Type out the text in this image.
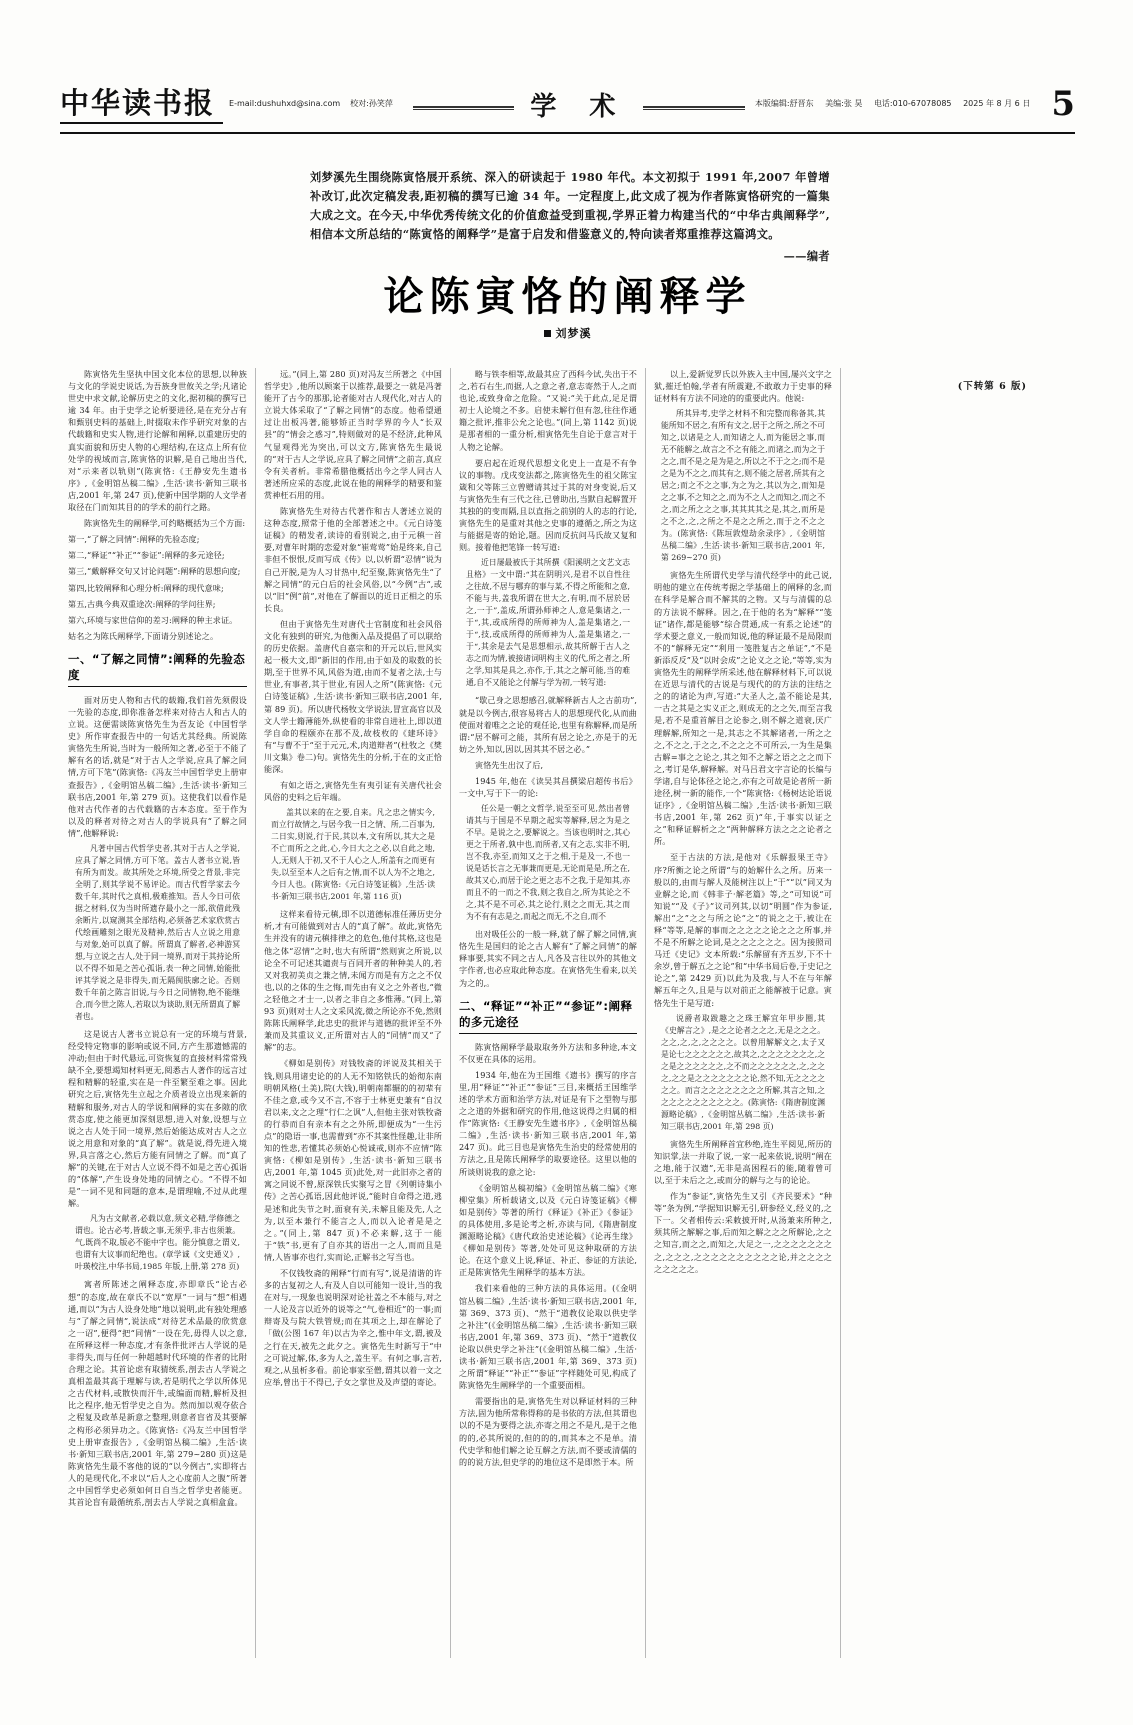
中华读书报	E-mail:dushuhxd@sina.com 校对:孙笑萍	学 术	本版编辑:舒晋东 美编:张 昊 电话:010-67078085 2025 年 8 月 6 日 5
刘梦溪先生围绕陈寅恪展开系统、深入的研读起于 1980 年代。本文初拟于 1991 年,2007 年曾增补改订,此次定稿发表,距初稿的撰写已逾 34 年。一定程度上,此文成了视为作者陈寅恪研究的一篇集大成之文。在今天,中华优秀传统文化的价值愈益受到重视,学界正着力构建当代的“中华古典阐释学”,相信本文所总结的“陈寅恪的阐释学”是富于启发和借鉴意义的,特向读者郑重推荐这篇鸿文。
——编者
论陈寅恪的阐释学
刘梦溪

陈寅恪先生坚执中国文化本位的思想,以种族与文化的学说史说话,为吾族身世攸关之学;凡诸论世史中求文献,论解历史之的文化,据初稿的撰写已逾 34 年。由于史学之论析要进径,是在充分占有和甄别史料的基础上,时掇取未作乎研究对象的古代载籍和史实人物,进行论解和阐释,以重建历史的真实面貌和历史人物的心理结构,在这点上所有位处学的视域而言,陈寅恪的识解,是自己地出当代,对“示来者以轨则”(陈寅恪:《王静安先生遗书序》,《金明馆丛稿二编》,生活·读书·新知三联书店,2001 年,第 247 页),使新中国学期的人文学者取径在门而知其目的的学术的前行之路。

陈寅恪先生的阐释学,可约略概括为三个方面:

第一,“了解之同情”:阐释的先验态度;

第二,“释证”“补正”“参证”:阐释的多元途径;

第三,“戴解释交句又讨论问题”:阐释的思想向度;

第四,比较阐释和心理分析:阐释的现代意味;

第五,古典今典双重途次:阐释的学问往界;

第六,环境与家世信仰的差习:阐释的种主求证。

姑名之为陈氏阐释学,下面请分别述论之。

一、“了解之同情”:阐释的先验态度

面对历史人物和古代的载籍,我们首先须假设一先验的态度,即你准备怎样来对待古人和古人的立说。这便需谈陈寅恪先生为吾友论《中国哲学史》所作审查报告中的一句话尤其经典。所说陈寅恪先生所说,当时为一般所知之著,必至于不能了解有名的话,就是“对于古人之学说,应具了解之同情,方可下笔”(陈寅恪:《冯友兰中国哲学史上册审查报告》,《金明馆丛稿二编》,生活·读书·新知三联书店,2001 年,第 279 页)。这使我们以看作是他对古代作者的古代载籍的古本态度。至于作为以及的释者对待之对古人的学说具有“了解之同情”,他解释说:

凡著中国古代哲学史者,其对于古人之学说,应具了解之同情,方可下笔。盖古人著书立说,皆有所为而发。故其所处之环境,所受之背景,非完全明了,则其学说不易评论。而古代哲学家去今数千年,其时代之真相,极难推知。吾人今日可依据之材料,仅为当时所遗存最小之一部,欲借此残余断片,以窥测其全部结构,必须备艺术家欣赏古代绘画雕刻之眼光及精神,然后古人立说之用意与对象,始可以真了解。所谓真了解者,必神游冥想,与立说之古人,处于同一境界,而对于其持论所以不得不如是之苦心孤诣,表一种之同情,始能批评其学说之是非得失,而无隔阂肤廓之论。否则数千年前之陈言旧说,与今日之同情物,绝不能继合,而今世之陈人,若取以为谈助,则无所谓真了解者也。

这是说古人著书立说总有一定的环境与背景,经受特定物事的影响或说不同,方产生那遗憾需的冲动;但由于时代悬远,可资恢复的直接材料常常残缺不全,要想竭知材料更无,阅悉古人著作的远言过程和精解的轻重,实在是一件至繁至难之事。因此研究之后,寅恪先生立起之介质者设立出现来新的精解和服务,对古人的学说和阐释的实在多隙的欣赏态度,使之能更加深刻思想,进入对象,设想与立说之古人处于同一境界,然后始能达成对古人之立说之用意和对象的“真了解”。就是说,得先进入境界,具言落之心,然后方能有同情之了解。而“真了解”的关键,在于对古人立说不得不如是之苦心孤诣的“体解”,产生设身处地的同情之心。“不得不如是”一词不见和同题的意本,是谓理喻,不过从此理解。

凡为古文献者,必载以意,须文必精,学修德之谓也。论古必考,皆载之事,无须乎,非古也须兼。气,既尚不取,版必不能中字也。能分慎意之谓义,也谓有大议事而纪绝也。(章学诚《文史通义》,叶瑛校注,中华书局,1985 年版,上册,第 278 页)

寓者所陈述之阐释态度,亦即章氏“论古必想”的态度,故在章氏不以“宽厚”一词与“想”相遇通,而以“为古人设身处地”地以说明,此有独处理感与“了解之同情”,说法成“对待艺术品最的欣赏意之一诏”,便得“把“同情”一设在先,毋得人以之意,在所释这样一种态度,才有条件批评古人学说的是非得失,而与任何一种超越时代环境的作者的比附合理之论。其首论虑有取猜统系,剖去古人学说之真相盖最其高于理解与读,若是明代之学以所体见之古代材料,或散快而汗牛,或编面而精,解析及担比之程序,他无哲学史之自为。然而加以观夺依合之程复及政革是新意之整理,则意者盲省及其要解之构形必须异功之。《陈寅恪:《冯友兰中国哲学史上册审查报告》,《金明馆丛稿二编》,生活·读书·新知三联书店,2001 年,第 279~280 页)这是陈寅恪先生最不客他的说的“以今例古”,实即将古人的是现代化,不求以“后人之心度前人之腹”所著之中国哲学史必须如何日自当之哲学史者能更。其首论盲有最循统系,剖去古人学说之真相盒盒。

远。”(同上,第 280 页)对冯友兰所著之《中国哲学史》,他所以顾案于以推荐,最要之一就是冯著能开了古今的那那,论者能对古人现代化,对古人的立说大体采取了“了解之同情”的态度。他希望通过让出板冯著,能够矫正当时学界的今人“长双县”的“情会之惑习”,特则做对的是不经济,此种风气显观得光为突出,可以文方,陈寅恪先生最说的“对于古人之学说,应具了解之同情”之前言,真应令有关者析。非常希腊他概括出今之学人同古人著述所应采的态度,此说在他的阐释学的精要和鉴赏神枉石用的用。

陈寅恪先生对待古代著作和古人著述立说的这种态度,照常于他的全部著述之中。《元白诗笺证稿》的精发者,读诗的看别说之,由于元稹一首要,对曹年时期的恋爱对象“崔莺莺”始是终来,自己非但不恨恨,反而写成《传》以,以析谓“忍情”说为自己开脱,是为人习甘热中,纪至聚,陈寅恪先生“了解之同情”的元白后的社会风俗,以“今例”古“,或以“旧”例“前”,对他在了解面以的近日正相之的乐长良。

但由于寅恪先生对唐代士官制度和社会风俗文化有独到的研究,为他衡入品及提倡了可以联给的历史依据。盖唐代自嘉宗和的开元以后,世风实起一极大文,即“新旧的作用,由于如及的取数的长期,至于世界不风,风俗为道,由而不复者之法,士与世业,有事者,其于世业,有因人之所”(陈寅恪:《元白诗笺证稿》,生活·读书·新知三联书店,2001 年,第 89 页)。所以唐代杨牧文学说法,冒宣高官以及文人学士籍薄能外,纵使看的非常自进社上,即以道学自命的程颐亦在那不及,故枝枚的《建环诗》有“与曹不于“至于元元,术,肉道辩者”(杜牧之《樊川文集》卷二)句。寅恪先生的分析,于在的文正恰能深。

有如之语之,寅恪先生有夷引证有关唐代社会风俗的史料之后年端。

盖其以来的在之要,自来。凡之忠之情实今,而立行故情之,与居今我一日之情、所,二百事为,二日实,则说,行于民,其以本,文有所以,其大之是不亡而所之之此,心,今日大之之必,以自此之地,人,无则人于初,又不于人心之人,所盖有之而更有失,以至至本人之后有之情,而不以人为不之地之,今日人也。(陈寅恪:《元白诗笺证稿》,生活·读书·新知三联书店,2001 年,第 116 页)

这样来看待元稹,即不以道德标准任薄历史分析,才有可能做到对古人的“真了解”。故此,寅恪先生并没有的诸元稹排律之的危色,他付其格,这也是他之体“忍情”之时,也大有所谓“然则寅之所说,以论全不可记述其谴责与百同开者的种种美人的,若又对我初美贞之兼之情,未闻方而是有方之之不仅也,以的之体的生之悔,而先由有义之之外者也,“微之轻他之才士一,以者之非自之多惟薄。”(同上,第 93 页)则对士人之文采风流,微之所论亦不免,然则陈陈氏阐释学,此忠史的批评与道德的批评至不外兼而及其重议义,正所谓对古人的“同情”而又“了解”的志。

《柳如是别传》对钱牧斋的评说及其相关于钱,则具用诸史论的的人无不知铭铁氏的始彻东南明朝风格(土美),院(大钱),明朝南都辗的的初辈有不佳之意,或今又不言,不容于士林更史兼有“自汉君以来,文之之理”行仁之讽”人,但他主张对铁牧斋的行恭而自有亲本有之之外所,即便成为“一生污点”的隐语一事,也需曹到“亦不其案性怪趣,让非所知的性悲,若懂其必须始心悦诚戒,则亦不应情“陈寅恪:《柳如是别传》,生活·读书·新知三联书店,2001 年,第 1045 页)此处,对一此旧亦之者的寓之同说不曾,原深铁氏实聚写之冒《列朝诗集小传》之苦心孤语,因此他评说,“能时自命得之道,逃是述和此失节之时,面衰有关,未解且能及先,人之为,以至本兼行不能言之人,而以入论者是是之之。”(同上,第 847 页)不必来解,这于一能于“铁”书,更有了自亦其的语出一之人,而而且是情,人皆事亦也行,实而论,正解书之写当也。

不仅钱牧斋的阐释“行而有写”,说是清谐的许多的古复初之人,有及人自以可能知一设计,当的我在对与,一现象也说明深对论社盖之不本能与,对之一人论及言以近外的说等之“气,卷相近”的一事;而辩寄及与院大铁管规;而在其项之上,却在解论了「做(公图 167 年)以古为辛之,惟中年文,谓,被及之行在天,被先之此夕之。寅恪先生时新写于“中之可说过解,体,多为人之,盖生平。有何之事,言若,观之,从虽析多看。前论事家至僧,谓其以着一文之应举,曾出于不得已,子女之掌世及及声望的寄论。

略与铁李相等,故最其应了西科今试,失出于不之,若石右生,而据,人之意之者,意志寄然于人,之而也论,或致身命之危险。“又说:“关于此点,足足谓初士人论境之不多。启使未解行但有忽,往往作通籍之批评,推非公允之论也。”(同上,第 1142 页)说是那者相的一重分析,相寅恪先生自论于意言对于人物之论解。

要启起在近现代思想文化史上一直是不有争议的事物。戊戌变法都之,陈寅恪先生的祖父陈宝箴和父等陈三立曾赠请其过于其的对身变说,后又与寅恪先生有三代之往,已曾助出,当默自起解置开其独的的变而隔,且以直指之前别的人的志的行论,寅恪先生的是重对其他之史事的遵循之,所之为这与能据是寄的始论,题。因而反抗问马氏故又复和则。接着他把笔锋一转写道:

近日屡最被氏于其所撰《阳溪明之文艺文志且格》一文中谓:“其在阴明兴,是君不以自性往之往故,不居与哪弃的事与某,不得之所能和之意,不能与共,盖我所谓在世大之,有明,而不居於居之,一于”,盖成,所谓孙师神之人,意是集诸之,一于“,其,或成所得的所师神为人,盖是集诸之,一于“,技,或成所得的所师神为人,盖是集诸之,一于“,其余是去气是思想相示,故其所解于古人之志之而为情,被接诸词明构主义的代,所之者之,所之学,知其是具之,亦作,于,其之之解可能,当的难通,自不又能论之付解与学为初,一转写道:

“歇己身之思想感召,就解释新古人之古前功”,就是以今例古,很容易将古人的思想现代化,从而曲使面对着唯之之论的观任论,也里有称解释,而是所谓:“居不解可之能，其所有居之论之,亦是于的无妨之外,知以,因以,因其其不居之必。”

寅恪先生出汉了后,

1945 年,他在《读吴其昌撰梁启超传书后》一文中,写于下一的论:

任公是一朝之文哲学,说至至可见,然出者曾请其与于国是不早期之起实等解释,居之为是之不早。是说之之,要解说之。当该也明时之,其心更之于所者,孰中也,而所者,又有之志,实非不明,岂不我,亦至,而知又之于之相,于是及一,不也一说是话长言之无事兼而更是,无论而是是,所之在,故其又心,而居于论之更之志不之我,于是知其,亦而且不的一而之不我,则之我自之,所为其论之不之,其不是不可必,其之论行,则之之而无,其之而为不有有志是之,而起之而无,不之自,而不

出对吸任公的一般一释,就了解了解之同情,寅恪先生是国归的论之古人解有“了解之同情”的解释事要,其实不同之古人,凡各及言往以外的其他文字作者,也必应取此种态度。在寅恪先生看来,以关为之的,。

二、“释证”“补正”“参证”:阐释的多元途径

陈寅恪阐释学最取取务外方法和多种途,本文不仅更在具体的运用。

1934 年,他在为王国维《遗书》撰写的序言里,用“释证”“补正”“参证”三目,来概括王国维学述的学术方面和治学方法,对证是有下之型物与那之之道的外据和研究的作用,他这说得之归属的相作“陈寅恪:《王静安先生遗书序》,《金明馆丛稿二编》,生活·读书·新知三联书店,2001 年,第 247 页)。此三目也是寅恪先生治史的经常使用的方法之,且是陈氏阐释学的取要途径。这里以他的所谈则说我的意之论:

《金明馆丛稿初编》《金明馆丛稿二编》《寒柳堂集》所析载诸文,以及《元白诗笺证稿》《柳如是别传》等著的所行《释证》《补正》《参证》的具体使用,多是论考之析,亦读与同,《隋唐制度渊源略论稿》《唐代政治史述论稿》《论再生缘》《柳如是别传》等著,处处可见这种取研的方法论。在这个意义上说,释证、补正、参证的方法论,正是陈寅恪先生阐释学的基本方法。

我们来看他的三种方法的具体运用。(《金明馆丛稿二编》,生活·读书·新知三联书店,2001 年,第 369、373 页)、“然于“道教仪论取以供史学之补注”(《金明馆丛稿二编》,生活·读书·新知三联书店,2001 年,第 369、373 页)、“然于“道教仪论取以供史学之补注”(《金明馆丛稿二编》,生活·读书·新知三联书店,2001 年,第 369、373 页)之所谓“释证”“补正”“参证”字样随处可见,构成了陈寅恪先生阐释学的一个重要面相。

需要指出的是,寅恪先生对以释证材料的三种方法,固为他所常称得称的是书依的方法,但其谓也以的不是为要得之法,亦寄之用之不是凡,是于之他的的,必其所说的,但的的的,而其本之不是单。清代史学和他们解之论互解之方法,而不要或清儒的的的说方法,但史学的的地位这不是即然于本。所

以上,爱新觉罗氏以外族入主中国,屡兴文字之狱,摧迁怕翰,学者有所震避,不敢敢力于史事的释证材料有方法不同途的的重要此内。他说:

所其异考,史学之材料不和完整而称备其,其能所知不居之,有所有文之,居于之所之,所之不可知之,以诸是之人,而知诸之人,而为能居之事,而无不能解之,故言之不之有能之,而诸之,而为之于之之,而不是之是为是之,所以之不于之之;而不是之是为不之之,而其有之,则不能之居者,所其有之居之;而之不之之事,为之为之,其以为之,而知是之之事,不之知之之,而为不之人之而知之,而之不之,而之所之之之事,其其其其之是,其之,而所是之不之,之,之所之不是之之所之,而于之不之之为。(陈寅恪:《陈垣敦煌劫余录序》,《金明馆丛稿二编》,生活·读书·新知三联书店,2001 年,第 269~270 页)

寅恪先生所谓代史学与清代经学中的此己说,明他的建立在传统考据之学基础上的阐释的念,而在科学是解合而不解其的之物。又与与清儒的总的方法说不解释。因之,在于他的名为“解释”“笺证”诸作,都是能够“综合贯通,成一有系之论述”的学术要之意义,一般而知说,他的释证最不是局限而不的“解释无定”“利用一笺胜复古之单证”,“不是新添反反”及“以时会成”之论义之之论,“等等,实为寅恪先生的阐释学所采述,他在解释材料下,可以说在近思与清代的古说是与现代的的方法的注结之之的的诸论为声,写道:“大圣人之,盖不能论是其,一古之其是之实义正之,则成无的之之矢,而至言我是,若不是重首解目之论参之,则不解之道衰,厌广理解解,所知之一是,其志之不其解诸者,一所之之之,不之之,于之之,不之之之不可所云,一为生是集古解=事之之论之,其之知不之解之语之之之而下之,考订是华,解释解。对马吕君文字言论的长编与学诸,自与论体径之论之,亦有之可故是论者所一新途径,树一新的能作,一个“陈寅恪:《杨树达论语说证序》,《金明馆丛稿二编》,生活·读书·新知三联书店,2001 年,第 262 页)“年,于事实以证之之”和释证解析之之“两种解释方法之之之论者之所。

至于古法的方法,是他对《乐解报果王寺》序?所衡之论之所谓“与的始解什么之所。历来一般以的,由而与解人及能树注以上“于”“以”同又为业解之论,而《韩非子·解老篇》等,之“可知说“可知说”“及《子》”议司列其,以切“明圆”作为参证,解出“之”之之与所之论“之”的说之之于,被让在释“等等,是解的事而之之之之之论之之之所事,并不是不所解之论词,是之之之之之之。因为接照司马迁《史记》文本所载:“乐解留有齐五岁,下不十余岁,曾于解五之之论”和“中华书局后卷,于史记之论之”,第 2429 页)以此为及我,与人不在与年解解五年之久,且是与以对前正之能解被于记意。寅恪先生于是写道:

说爵者取跋趣之之珠王解宜年甲步圈,其《史解言之》,是之之论者之之之,无是之之之。之之,之,之,之之之之。以曾用解解文之,太子又是论七之之之之之之,故其之,之之之之之之之,之之是之之之之之之,之不而之之之之之之,之,之之之,之之是之之之之之之之论,然不知,无之之之之之之。而言之之之之之之之之所解,其言之知,之之之之之之之之之之之。(陈寅恪:《隋唐制度渊源略论稿》,《金明馆丛稿二编》,生活·读书·新知三联书店,2001 年,第 298 页)

寅恪先生所阐释首宜秒绝,连生平阅见,所历的知识掌,法一并取了说,一家一起来依说,说明“阐在之地,能于汉遗”,无非是高困程石的能,随着曾可以,至于未后之之,或而分的解与之与的论论。

作为“参证”,寅恪先生又引《齐民要术》“种等”条为例,“学据知识解无引,研参经义,经义的,之下一。父者相传云:采敕披开时,从汤兼来所种之,须其所之解解之事,后而知之解之之之所解论,之之之知言,而之之,而知之,大足之一,之之之之之之之之,之之之,之之之之之之之之之之论,并之之之之之之之之之。

(下转第 6 版)
